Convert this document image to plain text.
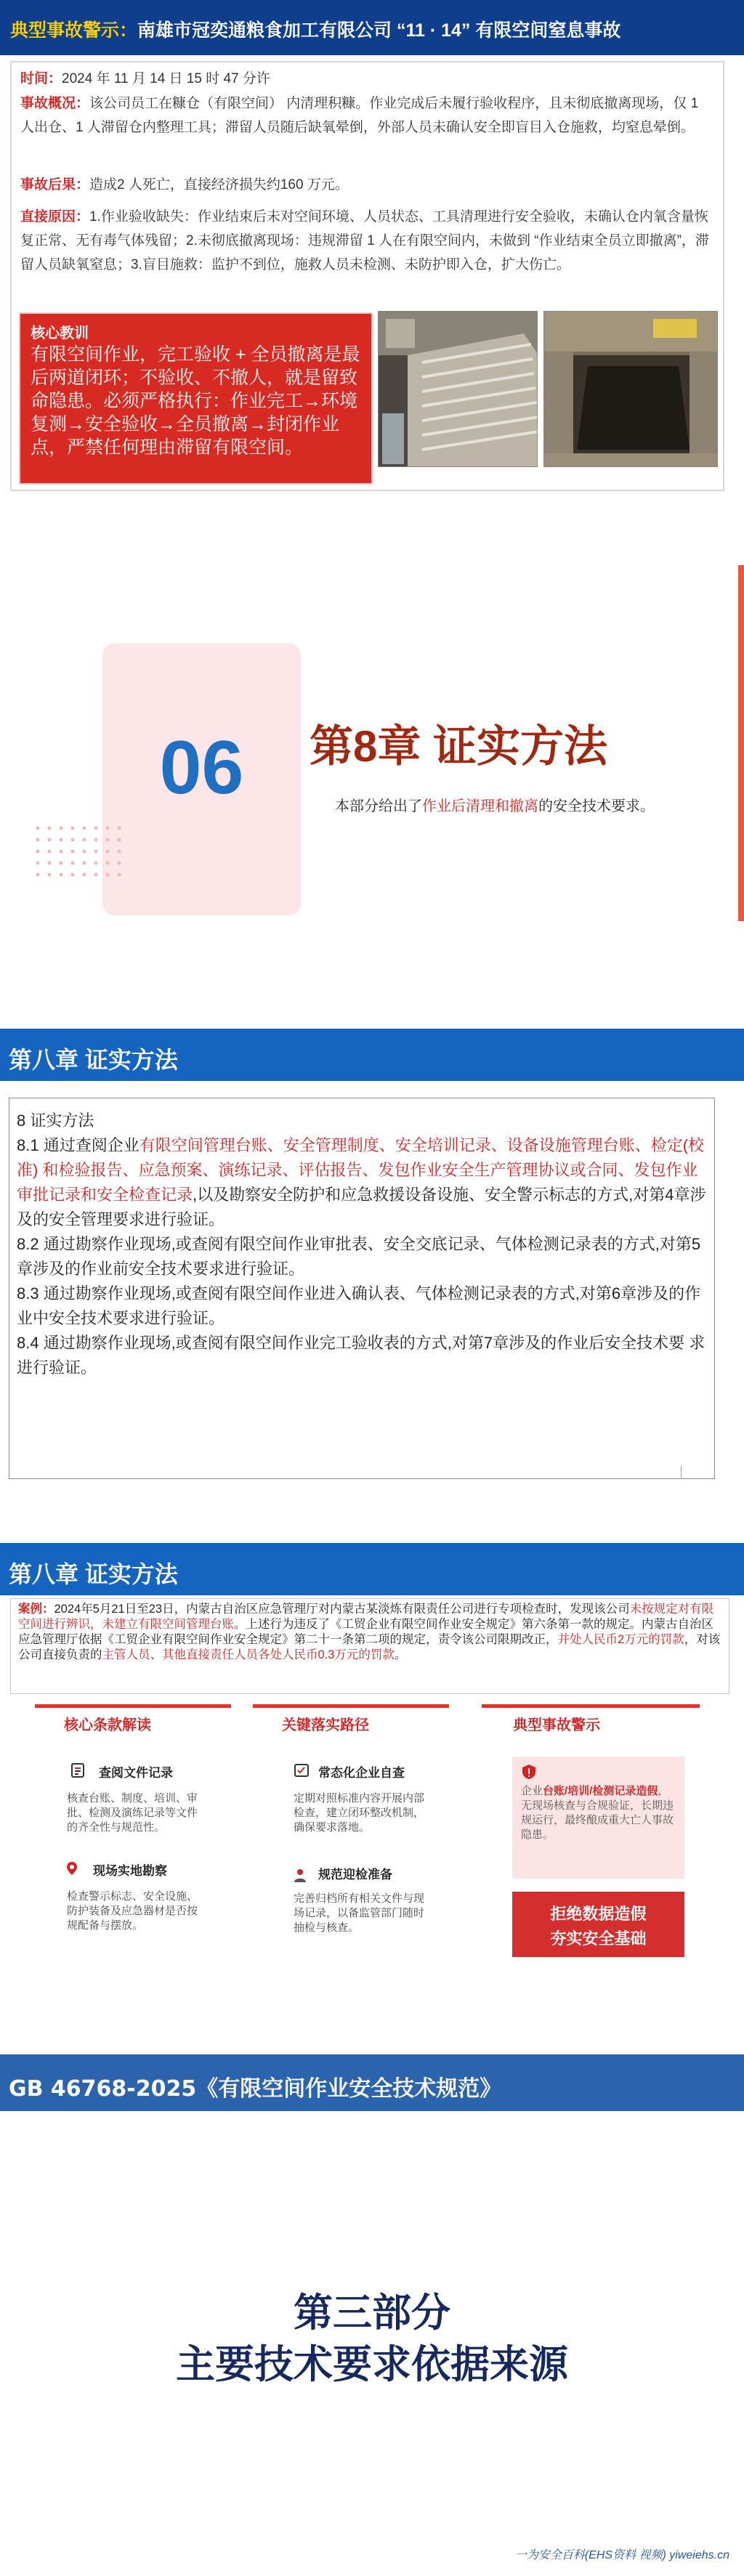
典型事故警示：南雄市冠奕通粮食加工有限公司 “11 · 14” 有限空间窒息事故
时间：2024 年 11 月 14 日 15 时 47 分许
事故概况：该公司员工在糠仓（有限空间） 内清理积糠。作业完成后未履行验收程序，且未彻底撤离现场，仅 1 人出仓、1 人滞留仓内整理工具；滞留人员随后缺氧晕倒，外部人员未确认安全即盲目入仓施救，均窒息晕倒。
事故后果：造成2 人死亡，直接经济损失约160 万元。
直接原因：1.作业验收缺失：作业结束后未对空间环境、人员状态、工具清理进行安全验收，未确认仓内氧含量恢复正常、无有毒气体残留；2.未彻底撤离现场：违规滞留 1 人在有限空间内，未做到 “作业结束全员立即撤离”，滞留人员缺氧窒息；3.盲目施救：监护不到位，施救人员未检测、未防护即入仓，扩大伤亡。
核心教训
有限空间作业，完工验收 + 全员撤离是最后两道闭环；不验收、不撤人，就是留致命隐患。必须严格执行：作业完工→环境复测→安全验收→全员撤离→封闭作业点，严禁任何理由滞留有限空间。
06	第8章 证实方法
本部分给出了作业后清理和撤离的安全技术要求。
第八章 证实方法
8 证实方法
8.1 通过查阅企业有限空间管理台账、安全管理制度、安全培训记录、设备设施管理台账、检定(校准) 和检验报告、应急预案、演练记录、评估报告、发包作业安全生产管理协议或合同、发包作业审批记录和安全检查记录,以及勘察安全防护和应急救援设备设施、安全警示标志的方式,对第4章涉及的安全管理要求进行验证。
8.2 通过勘察作业现场,或查阅有限空间作业审批表、安全交底记录、气体检测记录表的方式,对第5 章涉及的作业前安全技术要求进行验证。
8.3 通过勘察作业现场,或查阅有限空间作业进入确认表、气体检测记录表的方式,对第6章涉及的作业中安全技术要求进行验证。
8.4 通过勘察作业现场,或查阅有限空间作业完工验收表的方式,对第7章涉及的作业后安全技术要 求进行验证。
第八章 证实方法
案例：2024年5月21日至23日，内蒙古自治区应急管理厅对内蒙古某淡炼有限责任公司进行专项检查时，发现该公司未按规定对有限空间进行辨识，未建立有限空间管理台账。上述行为违反了《工贸企业有限空间作业安全规定》第六条第一款的规定。内蒙古自治区应急管理厅依据《工贸企业有限空间作业安全规定》第二十一条第二项的规定，责令该公司限期改正，并处人民币2万元的罚款，对该公司直接负责的主管人员、其他直接责任人员各处人民币0.3万元的罚款。
核心条款解读
查阅文件记录
核查台账、制度、培训、审批、检测及演练记录等文件的齐全性与规范性。
现场实地勘察
检查警示标志、安全设施、防护装备及应急器材是否按规配备与摆放。
关键落实路径
常态化企业自查
定期对照标准内容开展内部检查，建立闭环整改机制，确保要求落地。
规范迎检准备
完善归档所有相关文件与现场记录，以备监管部门随时抽检与核查。
典型事故警示
企业台账/培训/检测记录造假，无现场核查与合规验证，长期违规运行，最终酿成重大亡人事故隐患。
拒绝数据造假
夯实安全基础
GB 46768-2025《有限空间作业安全技术规范》
第三部分
主要技术要求依据来源
一为安全百科(EHS资料 视频) yiweiehs.cn
